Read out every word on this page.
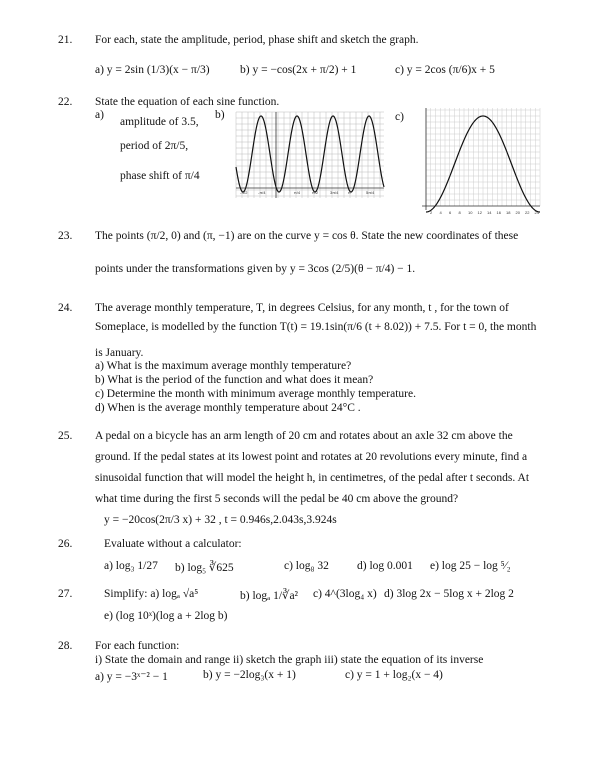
21. For each, state the amplitude, period, phase shift and sketch the graph.
a) y = 2sin (1/3)(x − π/3)	b) y = −cos(2x + π/2) + 1	c) y = 2cos (π/6)x + 5
22. State the equation of each sine function.
a)
amplitude of 3.5,
period of 2π/5,
phase shift of π/4
b)	c)
-π/2	-π/4	π/4	π/2	3π/4 π	5π/4
2 4 6 8 10 12 14 16 18 20 22 24
23. The points (π/2, 0) and (π, −1) are on the curve y = cos θ. State the new coordinates of these
points under the transformations given by y = 3cos (2/5)(θ − π/4) − 1.
24. The average monthly temperature, T, in degrees Celsius, for any month, t , for the town of
Someplace, is modelled by the function T(t) = 19.1sin(π/6 (t + 8.02)) + 7.5. For t = 0, the month
is January.
a) What is the maximum average monthly temperature?
b) What is the period of the function and what does it mean?
c) Determine the month with minimum average monthly temperature.
d) When is the average monthly temperature about 24°C .
25. A pedal on a bicycle has an arm length of 20 cm and rotates about an axle 32 cm above the
ground. If the pedal states at its lowest point and rotates at 20 revolutions every minute, find a
sinusoidal function that will model the height h, in centimetres, of the pedal after t seconds. At
what time during the first 5 seconds will the pedal be 40 cm above the ground?
y = −20cos(2π/3 x) + 32 , t = 0.946s,2.043s,3.924s
26.	Evaluate without a calculator:
a) log₃ 1/27 b) log₅ ∛625	c) log₈ 32 d) log 0.001 e) log 25 − log ⁵⁄₂
27.	Simplify: a) logₐ √a⁵	b) logₐ 1/∛a² c) 4^(3log₄ x) d) 3log 2x − 5log x + 2log 2
e) (log 10ˣ)(log a + 2log b)
28. For each function:
i) State the domain and range ii) sketch the graph iii) state the equation of its inverse
a) y = −3ˣ⁻² − 1	b) y = −2log₃(x + 1)	c) y = 1 + log₂(x − 4)
